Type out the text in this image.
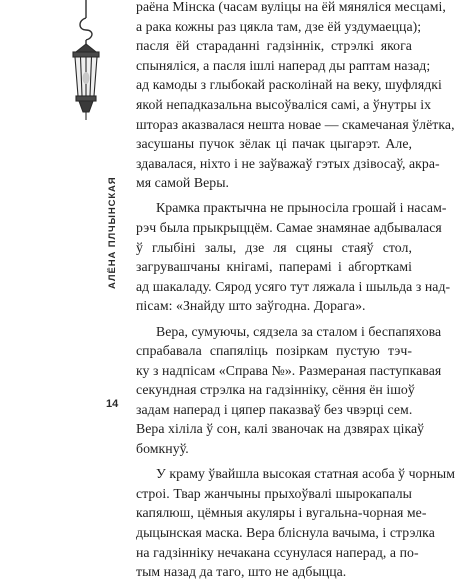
АЛЁНА ПЛЧЫНСКАЯ
14
раёна Мінска (часам вуліцы на ёй мяняліся месцамі,
а рака кожны раз цякла там, дзе ёй уздумаецца);
пасля ёй стараданні гадзіннік, стрэлкі якога
спыняліся, а пасля ішлі наперад ды раптам назад;
ад камоды з глыбокай расколінай на веку, шуфлядкі
якой непадказальна высоўваліся самі, а ўнутры іх
штораз аказвалася нешта новае — скамечаная ўлётка,
засушаны пучок зёлак ці пачак цыгарэт. Але,
здавалася, ніхто і не заўважаў гэтых дзівосаў, акра-
мя самой Веры.
Крамка практычна не прыносіла грошай і насам-
рэч была прыкрыццём. Самае знамянае адбывалася
ў глыбіні залы, дзе ля сцяны стаяў стол,
загрувашчаны кнігамі, паперамі і абгорткамі
ад шакаладу. Сярод усяго тут ляжала і шыльда з над-
пісам: «Знайду што заўгодна. Дорага».
Вера, сумуючы, сядзела за сталом і беспапяхова
спрабавала спапяліць позіркам пустую тэч-
ку з надпісам «Справа №». Размераная паступкавая
секундная стрэлка на гадзінніку, сёння ён ішоў
задам наперад і цяпер паказваў без чвэрці сем.
Вера хіліла ў сон, калі званочак на дзвярах цікаў
бомкнуў.
У краму ўвайшла высокая статная асоба ў чорным
строі. Твар жанчыны прыхоўвалі шырокапалы
капялюш, цёмныя акуляры і вугальна-чорная ме-
дыцынская маска. Вера бліснула вачыма, і стрэлка
на гадзінніку нечакана ссунулася наперад, а по-
тым назад да таго, што не адбыцца.
